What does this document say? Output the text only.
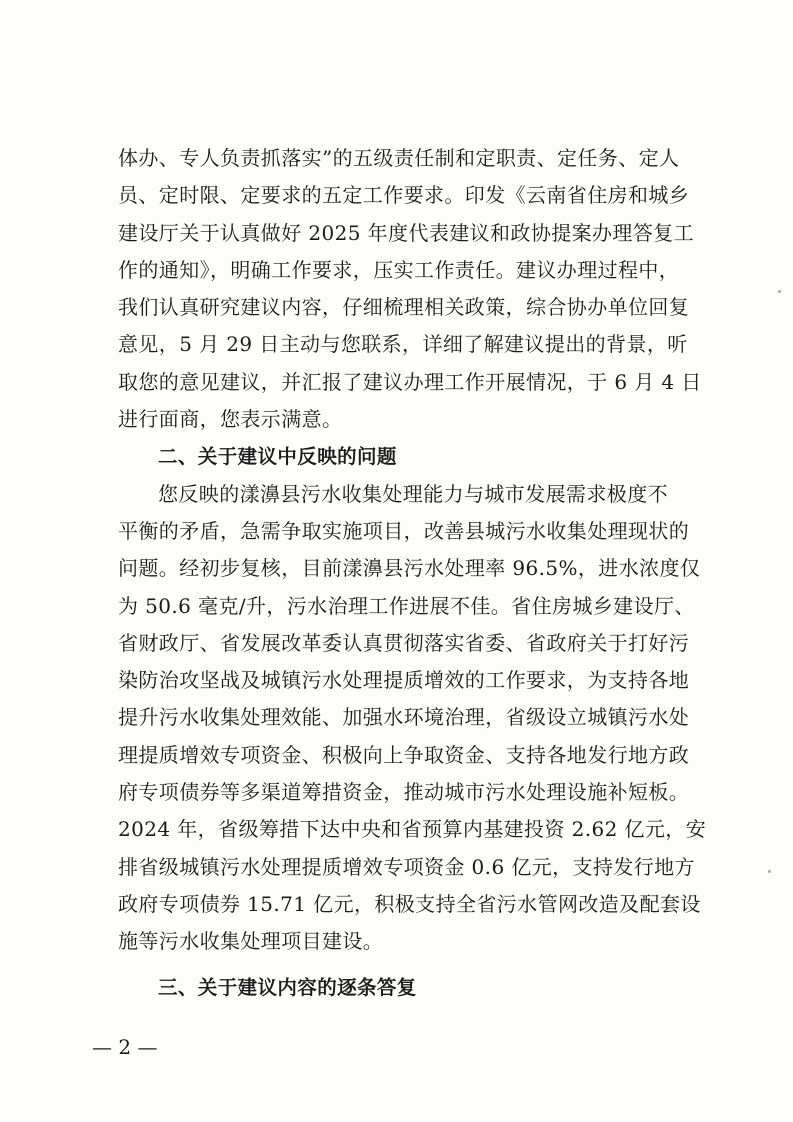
体办、专人负责抓落实”的五级责任制和定职责、定任务、定人
员、定时限、定要求的五定工作要求。印发《云南省住房和城乡
建设厅关于认真做好 2025 年度代表建议和政协提案办理答复工
作的通知》，明确工作要求，压实工作责任。建议办理过程中，
我们认真研究建议内容，仔细梳理相关政策，综合协办单位回复
意见，5 月 29 日主动与您联系，详细了解建议提出的背景，听
取您的意见建议，并汇报了建议办理工作开展情况，于 6 月 4 日
进行面商，您表示满意。
二、关于建议中反映的问题
您反映的漾濞县污水收集处理能力与城市发展需求极度不
平衡的矛盾，急需争取实施项目，改善县城污水收集处理现状的
问题。经初步复核，目前漾濞县污水处理率 96.5%，进水浓度仅
为 50.6 毫克/升，污水治理工作进展不佳。省住房城乡建设厅、
省财政厅、省发展改革委认真贯彻落实省委、省政府关于打好污
染防治攻坚战及城镇污水处理提质增效的工作要求，为支持各地
提升污水收集处理效能、加强水环境治理，省级设立城镇污水处
理提质增效专项资金、积极向上争取资金、支持各地发行地方政
府专项债券等多渠道筹措资金，推动城市污水处理设施补短板。
2024 年，省级筹措下达中央和省预算内基建投资 2.62 亿元，安
排省级城镇污水处理提质增效专项资金 0.6 亿元，支持发行地方
政府专项债券 15.71 亿元，积极支持全省污水管网改造及配套设
施等污水收集处理项目建设。
三、关于建议内容的逐条答复
— 2 —
